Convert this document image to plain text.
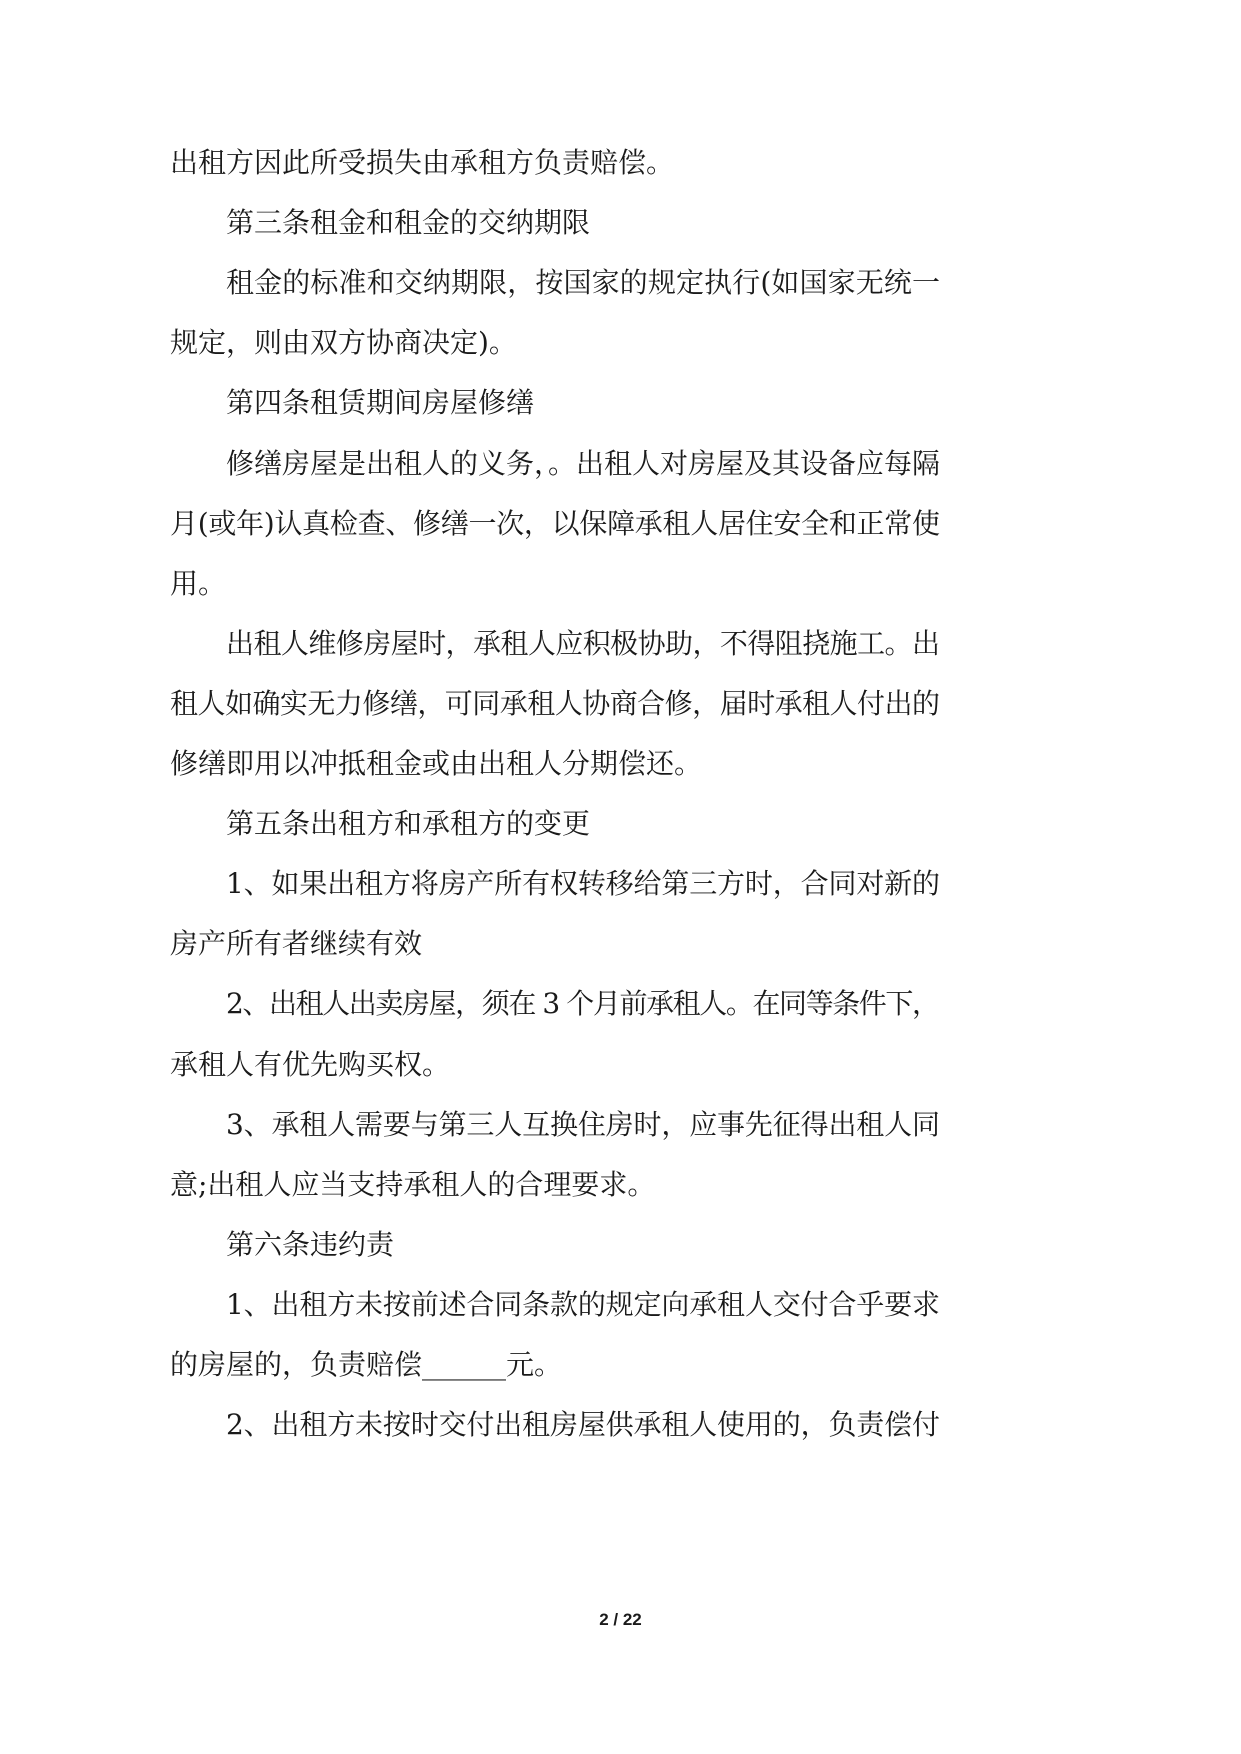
出租方因此所受损失由承租方负责赔偿。
第三条租金和租金的交纳期限
租金的标准和交纳期限，按国家的规定执行(如国家无统一
规定，则由双方协商决定)。
第四条租赁期间房屋修缮
修缮房屋是出租人的义务，。出租人对房屋及其设备应每隔
月(或年)认真检查、修缮一次，以保障承租人居住安全和正常使
用。
出租人维修房屋时，承租人应积极协助，不得阻挠施工。出
租人如确实无力修缮，可同承租人协商合修，届时承租人付出的
修缮即用以冲抵租金或由出租人分期偿还。
第五条出租方和承租方的变更
1、如果出租方将房产所有权转移给第三方时，合同对新的
房产所有者继续有效
2、出租人出卖房屋，须在 3 个月前承租人。在同等条件下，
承租人有优先购买权。
3、承租人需要与第三人互换住房时，应事先征得出租人同
意;出租人应当支持承租人的合理要求。
第六条违约责
1、出租方未按前述合同条款的规定向承租人交付合乎要求
的房屋的，负责赔偿______元。
2、出租方未按时交付出租房屋供承租人使用的，负责偿付
2 / 22
